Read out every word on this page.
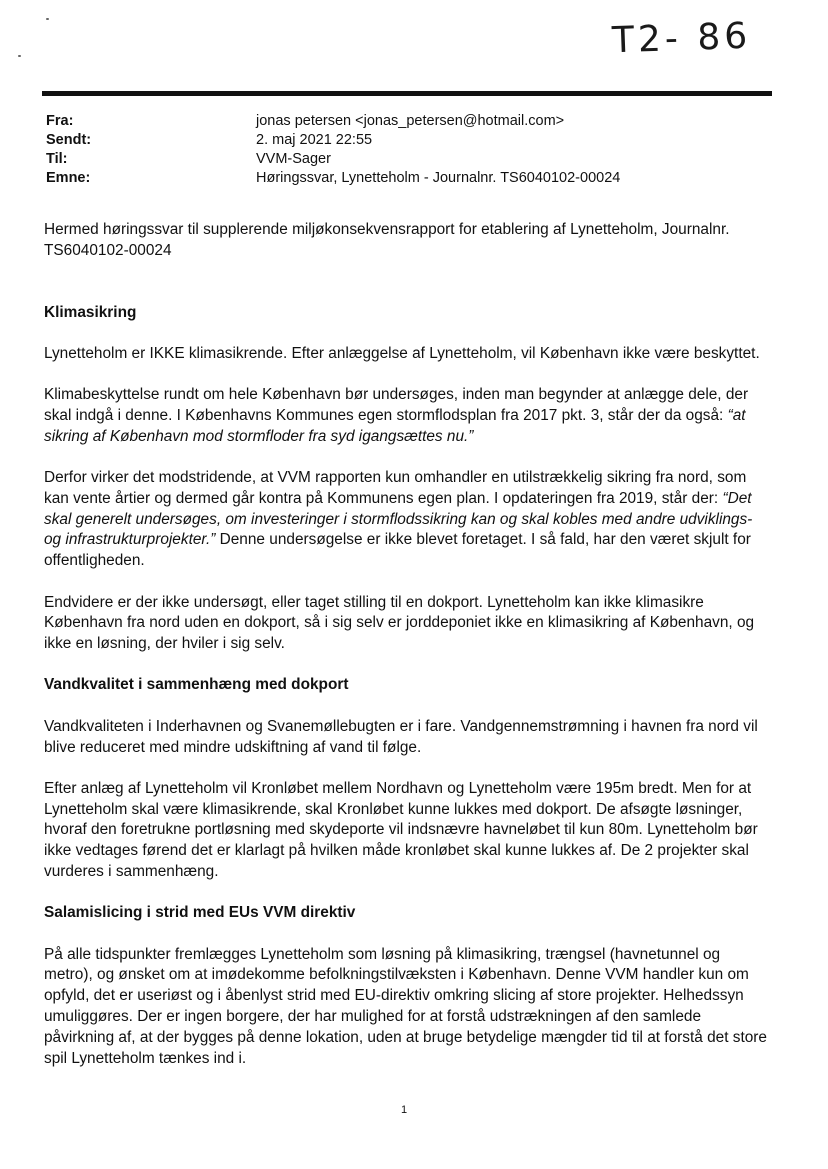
T2- 86
Fra:	jonas petersen <jonas_petersen@hotmail.com>
Sendt:	2. maj 2021 22:55
Til:	VVM-Sager
Emne:	Høringssvar, Lynetteholm - Journalnr. TS6040102-00024

Hermed høringssvar til supplerende miljøkonsekvensrapport for etablering af Lynetteholm, Journalnr. TS6040102-00024

Klimasikring

Lynetteholm er IKKE klimasikrende. Efter anlæggelse af Lynetteholm, vil København ikke være beskyttet.

Klimabeskyttelse rundt om hele København bør undersøges, inden man begynder at anlægge dele, der skal indgå i denne. I Københavns Kommunes egen stormflodsplan fra 2017 pkt. 3, står der da også: “at sikring af København mod stormfloder fra syd igangsættes nu.”

Derfor virker det modstridende, at VVM rapporten kun omhandler en utilstrækkelig sikring fra nord, som kan vente årtier og dermed går kontra på Kommunens egen plan. I opdateringen fra 2019, står der: “Det skal generelt undersøges, om investeringer i stormflodssikring kan og skal kobles med andre udviklings- og infrastrukturprojekter.” Denne undersøgelse er ikke blevet foretaget. I så fald, har den været skjult for offentligheden.

Endvidere er der ikke undersøgt, eller taget stilling til en dokport. Lynetteholm kan ikke klimasikre København fra nord uden en dokport, så i sig selv er jorddeponiet ikke en klimasikring af København, og ikke en løsning, der hviler i sig selv.

Vandkvalitet i sammenhæng med dokport

Vandkvaliteten i Inderhavnen og Svanemøllebugten er i fare. Vandgennemstrømning i havnen fra nord vil blive reduceret med mindre udskiftning af vand til følge.

Efter anlæg af Lynetteholm vil Kronløbet mellem Nordhavn og Lynetteholm være 195m bredt. Men for at Lynetteholm skal være klimasikrende, skal Kronløbet kunne lukkes med dokport. De afsøgte løsninger, hvoraf den foretrukne portløsning med skydeporte vil indsnævre havneløbet til kun 80m. Lynetteholm bør ikke vedtages førend det er klarlagt på hvilken måde kronløbet skal kunne lukkes af. De 2 projekter skal vurderes i sammenhæng.

Salamislicing i strid med EUs VVM direktiv

På alle tidspunkter fremlægges Lynetteholm som løsning på klimasikring, trængsel (havnetunnel og metro), og ønsket om at imødekomme befolkningstilvæksten i København. Denne VVM handler kun om opfyld, det er useriøst og i åbenlyst strid med EU-direktiv omkring slicing af store projekter. Helhedssyn umuliggøres. Der er ingen borgere, der har mulighed for at forstå udstrækningen af den samlede påvirkning af, at der bygges på denne lokation, uden at bruge betydelige mængder tid til at forstå det store spil Lynetteholm tænkes ind i.

1
